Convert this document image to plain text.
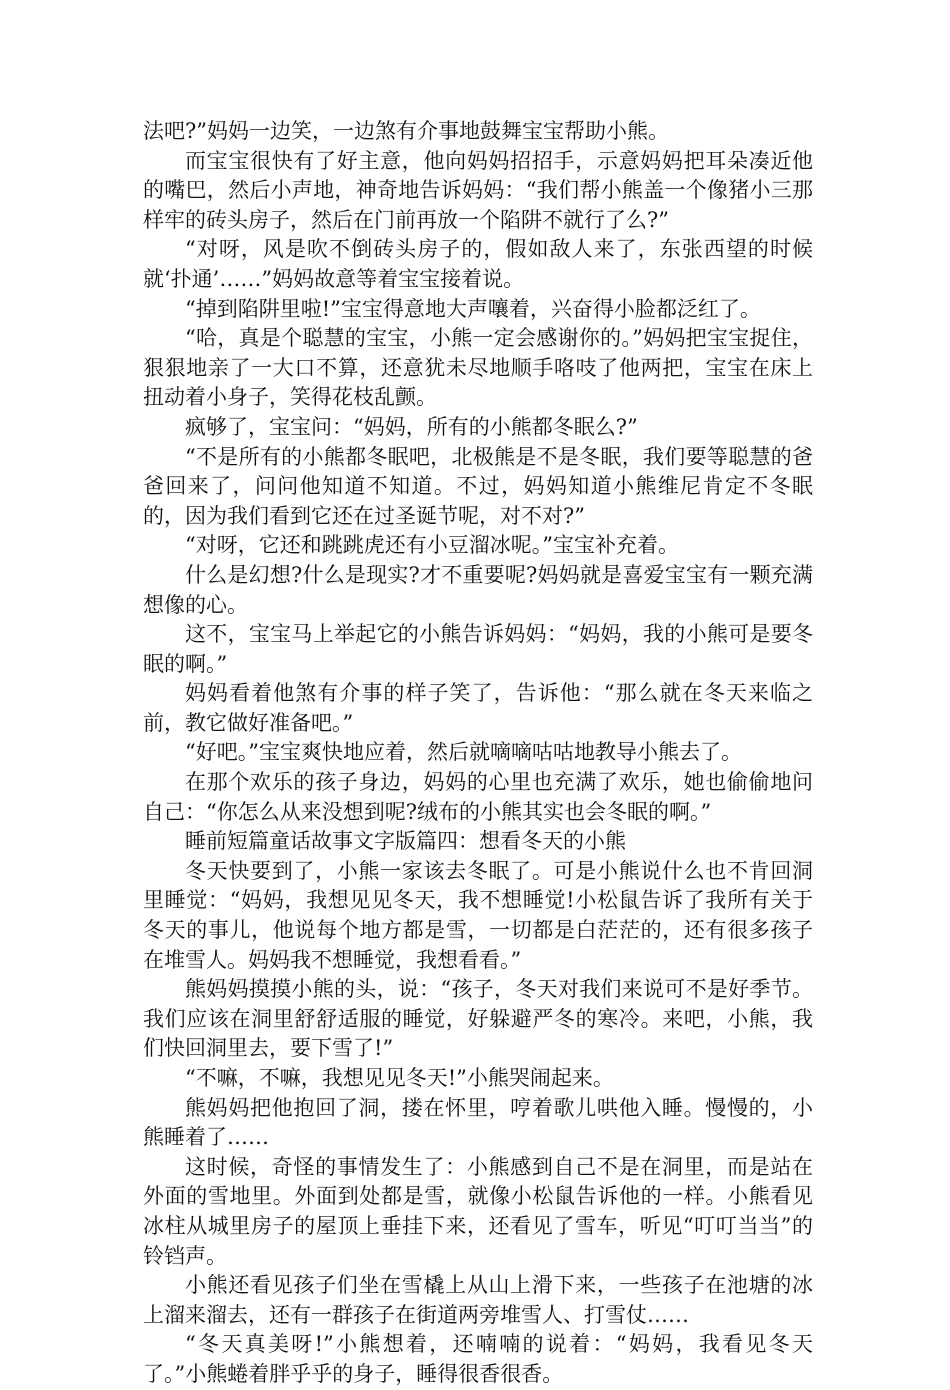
法吧?”妈妈一边笑，一边煞有介事地鼓舞宝宝帮助小熊。

而宝宝很快有了好主意，他向妈妈招招手，示意妈妈把耳朵凑近他的嘴巴，然后小声地，神奇地告诉妈妈：“我们帮小熊盖一个像猪小三那样牢的砖头房子，然后在门前再放一个陷阱不就行了么?”

“对呀，风是吹不倒砖头房子的，假如敌人来了，东张西望的时候就‘扑通’……”妈妈故意等着宝宝接着说。

“掉到陷阱里啦!”宝宝得意地大声嚷着，兴奋得小脸都泛红了。

“哈，真是个聪慧的宝宝，小熊一定会感谢你的。”妈妈把宝宝捉住，狠狠地亲了一大口不算，还意犹未尽地顺手咯吱了他两把，宝宝在床上扭动着小身子，笑得花枝乱颤。

疯够了，宝宝问：“妈妈，所有的小熊都冬眠么?”

“不是所有的小熊都冬眠吧，北极熊是不是冬眠，我们要等聪慧的爸爸回来了，问问他知道不知道。不过，妈妈知道小熊维尼肯定不冬眠的，因为我们看到它还在过圣诞节呢，对不对?”

“对呀，它还和跳跳虎还有小豆溜冰呢。”宝宝补充着。

什么是幻想?什么是现实?才不重要呢?妈妈就是喜爱宝宝有一颗充满想像的心。

这不，宝宝马上举起它的小熊告诉妈妈：“妈妈，我的小熊可是要冬眠的啊。”

妈妈看着他煞有介事的样子笑了，告诉他：“那么就在冬天来临之前，教它做好准备吧。”

“好吧。”宝宝爽快地应着，然后就嘀嘀咕咕地教导小熊去了。

在那个欢乐的孩子身边，妈妈的心里也充满了欢乐，她也偷偷地问自己：“你怎么从来没想到呢?绒布的小熊其实也会冬眠的啊。”

睡前短篇童话故事文字版篇四：想看冬天的小熊

冬天快要到了，小熊一家该去冬眠了。可是小熊说什么也不肯回洞里睡觉：“妈妈，我想见见冬天，我不想睡觉!小松鼠告诉了我所有关于冬天的事儿，他说每个地方都是雪，一切都是白茫茫的，还有很多孩子在堆雪人。妈妈我不想睡觉，我想看看。”

熊妈妈摸摸小熊的头，说：“孩子，冬天对我们来说可不是好季节。我们应该在洞里舒舒适服的睡觉，好躲避严冬的寒冷。来吧，小熊，我们快回洞里去，要下雪了!”

“不嘛，不嘛，我想见见冬天!”小熊哭闹起来。

熊妈妈把他抱回了洞，搂在怀里，哼着歌儿哄他入睡。慢慢的，小熊睡着了……

这时候，奇怪的事情发生了：小熊感到自己不是在洞里，而是站在外面的雪地里。外面到处都是雪，就像小松鼠告诉他的一样。小熊看见冰柱从城里房子的屋顶上垂挂下来，还看见了雪车，听见“叮叮当当”的铃铛声。

小熊还看见孩子们坐在雪橇上从山上滑下来，一些孩子在池塘的冰上溜来溜去，还有一群孩子在街道两旁堆雪人、打雪仗……

“冬天真美呀!”小熊想着，还喃喃的说着：“妈妈，我看见冬天了。”小熊蜷着胖乎乎的身子，睡得很香很香。
